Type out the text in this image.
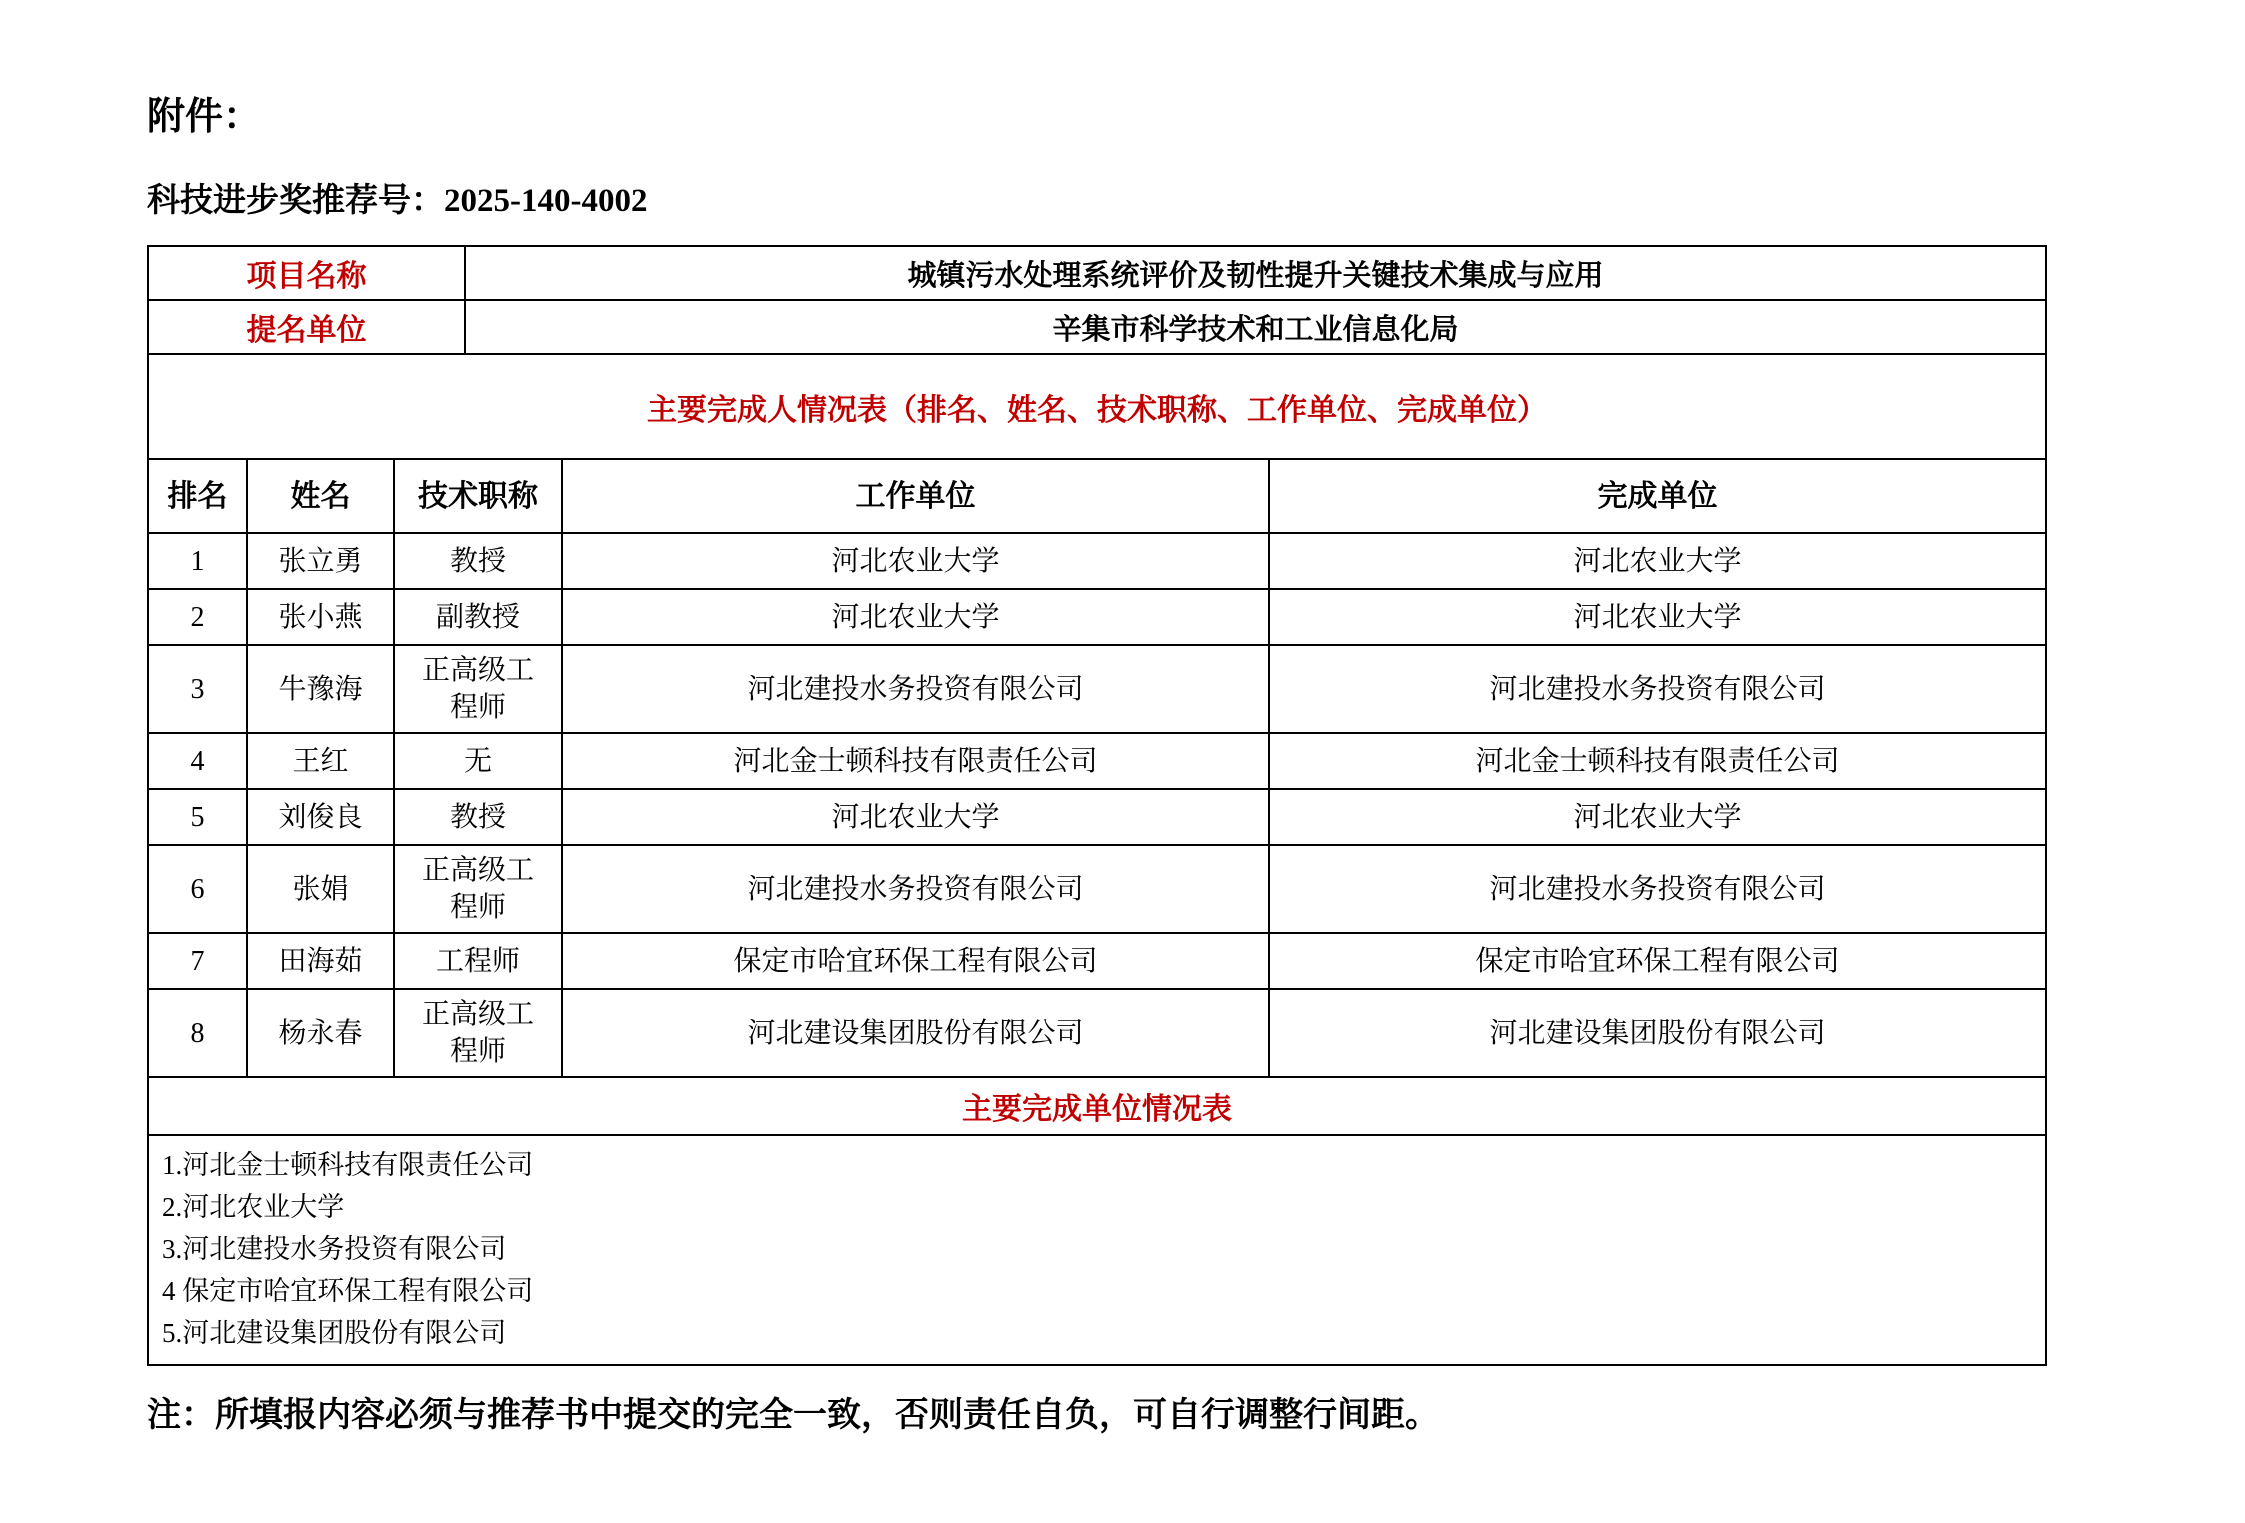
附件：
科技进步奖推荐号：2025-140-4002
项目名称	城镇污水处理系统评价及韧性提升关键技术集成与应用
提名单位	辛集市科学技术和工业信息化局
主要完成人情况表（排名、姓名、技术职称、工作单位、完成单位）
排名	姓名	技术职称	工作单位	完成单位
1	张立勇	教授	河北农业大学	河北农业大学
2	张小燕	副教授	河北农业大学	河北农业大学
3	牛豫海	正高级工程师	河北建投水务投资有限公司	河北建投水务投资有限公司
4	王红	无	河北金士顿科技有限责任公司	河北金士顿科技有限责任公司
5	刘俊良	教授	河北农业大学	河北农业大学
6	张娟	正高级工程师	河北建投水务投资有限公司	河北建投水务投资有限公司
7	田海茹	工程师	保定市哈宜环保工程有限公司	保定市哈宜环保工程有限公司
8	杨永春	正高级工程师	河北建设集团股份有限公司	河北建设集团股份有限公司
主要完成单位情况表
1.河北金士顿科技有限责任公司
2.河北农业大学
3.河北建投水务投资有限公司
4 保定市哈宜环保工程有限公司
5.河北建设集团股份有限公司
注：所填报内容必须与推荐书中提交的完全一致，否则责任自负，可自行调整行间距。
